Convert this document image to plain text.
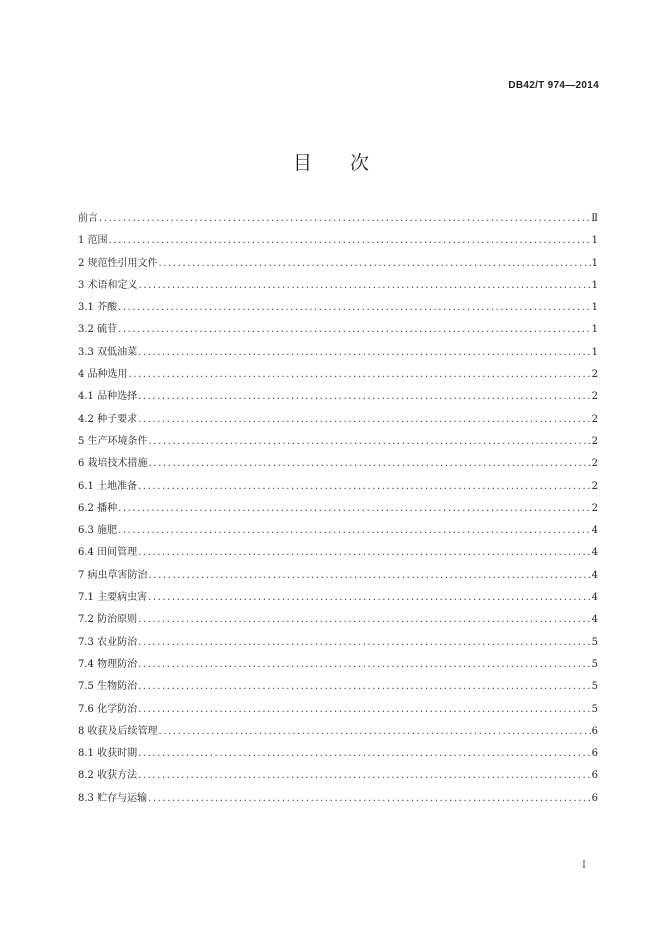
DB42/T 974—2014
目 次
前言 .....	Ⅱ
1 范围 .....	1
2 规范性引用文件 .....	1
3 术语和定义 .....	1
3.1 芥酸 .....	1
3.2 硫苷 .....	1
3.3 双低油菜 .....	1
4 品种选用 .....	2
4.1 品种选择 .....	2
4.2 种子要求 .....	2
5 生产环境条件 .....	2
6 栽培技术措施 .....	2
6.1 土地准备 .....	2
6.2 播种 .....	2
6.3 施肥 .....	4
6.4 田间管理 .....	4
7 病虫草害防治 .....	4
7.1 主要病虫害 .....	4
7.2 防治原则 .....	4
7.3 农业防治 .....	5
7.4 物理防治 .....	5
7.5 生物防治 .....	5
7.6 化学防治 .....	5
8 收获及后续管理 .....	6
8.1 收获时期 .....	6
8.2 收获方法 .....	6
8.3 贮存与运输 .....	6
I
